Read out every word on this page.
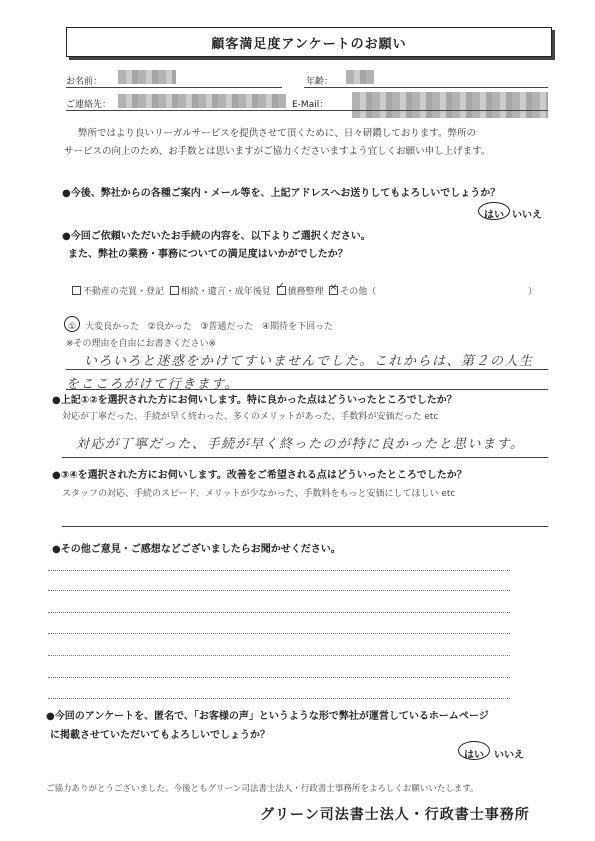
顧客満足度アンケートのお願い
お名前：	年齢：
ご連絡先：	E-Mail：
弊所ではより良いリーガルサービスを提供させて頂くために、日々研鑽しております。弊所の
サービスの向上のため、お手数とは思いますがご協力くださいますよう宜しくお願い申し上げます。
●今後、弊社からの各種ご案内・メール等を、上記アドレスへお送りしてもよろしいでしょうか？
はい いいえ
●今回ご依頼いただいたお手続の内容を、以下よりご選択ください。
また、弊社の業務・事務についての満足度はいかがでしたか？
不動産の売買・登記 相続・遺言・成年後見 ✓ 債務整理 × その他（	）
①　大変良かった ②良かった ③普通だった ④期待を下回った
※その理由を自由にお書きください※
いろいろと迷惑をかけてすいませんでした。これからは、第２の人生
をこころがけて行きます。
●上記①②を選択された方にお伺いします。特に良かった点はどういったところでしたか？
対応が丁寧だった、手続が早く終わった、多くのメリットがあった、手数料が安価だった etc
対応が丁寧だった、手続が早く終ったのが特に良かったと思います。
●③④を選択された方にお伺いします。改善をご希望される点はどういったところでしたか？
スタッフの対応、手続のスピード、メリットが少なかった、手数料をもっと安価にしてほしい etc
●その他ご意見・ご感想などございましたらお聞かせください。
●今回のアンケートを、匿名で、「お客様の声」というような形で弊社が運営しているホームページ
に掲載させていただいてもよろしいでしょうか？
はい いいえ
ご協力ありがとうございました。今後ともグリーン司法書士法人・行政書士事務所をよろしくお願いいたします。
グリーン司法書士法人・行政書士事務所
